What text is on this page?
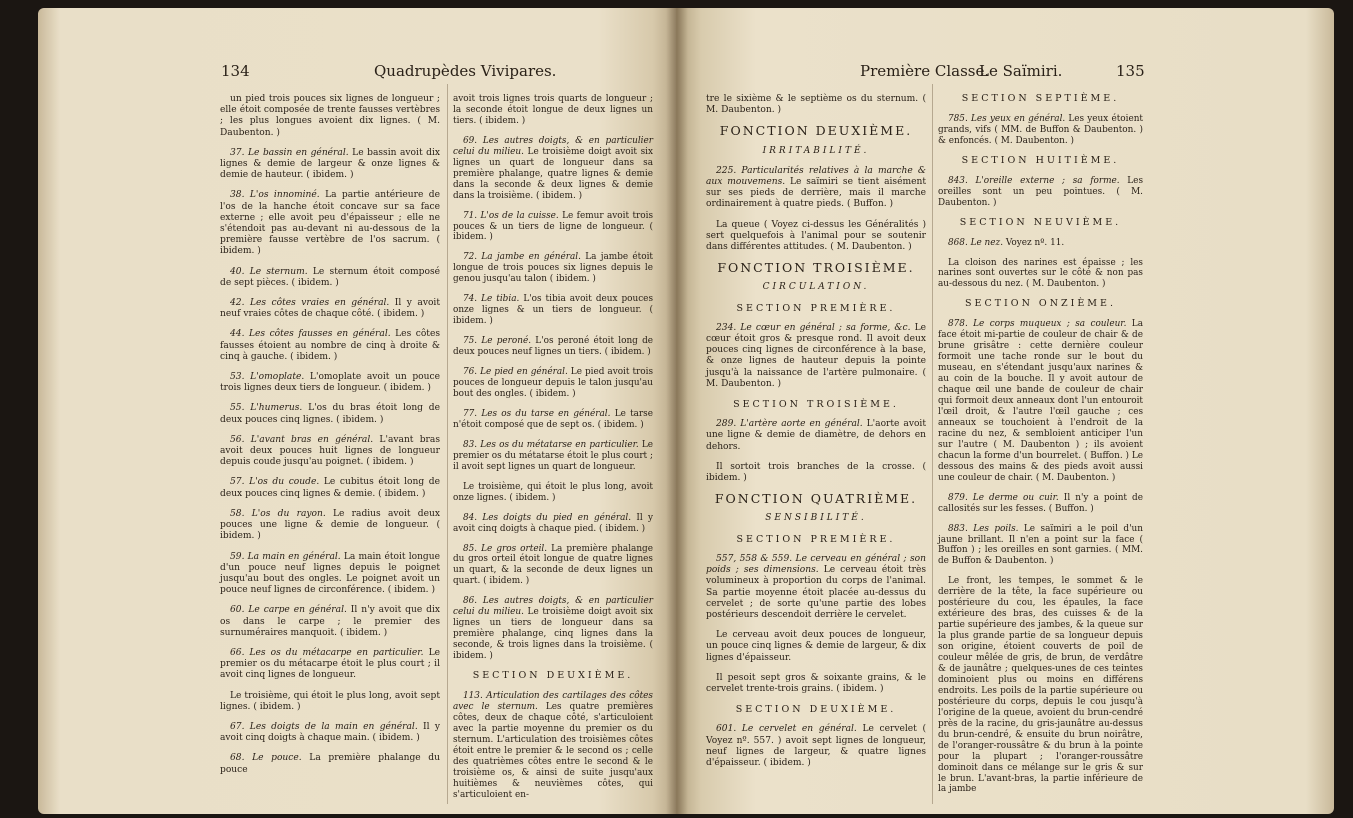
134	Quadrupèdes Vivipares.

un pied trois pouces six lignes de longueur ; elle étoit composée de trente fausses vertèbres ; les plus longues avoient dix lignes. ( M. Daubenton. )

37. Le bassin en général. Le bassin avoit dix lignes & demie de largeur & onze lignes & demie de hauteur. ( ibidem. )

38. L'os innominé. La partie antérieure de l'os de la hanche étoit concave sur sa face externe ; elle avoit peu d'épaisseur ; elle ne s'étendoit pas au-devant ni au-dessous de la première fausse vertèbre de l'os sacrum. ( ibidem. )

40. Le sternum. Le sternum étoit composé de sept pièces. ( ibidem. )

42. Les côtes vraies en général. Il y avoit neuf vraies côtes de chaque côté. ( ibidem. )

44. Les côtes fausses en général. Les côtes fausses étoient au nombre de cinq à droite & cinq à gauche. ( ibidem. )

53. L'omoplate. L'omoplate avoit un pouce trois lignes deux tiers de longueur. ( ibidem. )

55. L'humerus. L'os du bras étoit long de deux pouces cinq lignes. ( ibidem. )

56. L'avant bras en général. L'avant bras avoit deux pouces huit lignes de longueur depuis coude jusqu'au poignet. ( ibidem. )

57. L'os du coude. Le cubitus étoit long de deux pouces cinq lignes & demie. ( ibidem. )

58. L'os du rayon. Le radius avoit deux pouces une ligne & demie de longueur. ( ibidem. )

59. La main en général. La main étoit longue d'un pouce neuf lignes depuis le poignet jusqu'au bout des ongles. Le poignet avoit un pouce neuf lignes de circonférence. ( ibidem. )

60. Le carpe en général. Il n'y avoit que dix os dans le carpe ; le premier des surnuméraires manquoit. ( ibidem. )

66. Les os du métacarpe en particulier. Le premier os du métacarpe étoit le plus court ; il avoit cinq lignes de longueur.

Le troisième, qui étoit le plus long, avoit sept lignes. ( ibidem. )

67. Les doigts de la main en général. Il y avoit cinq doigts à chaque main. ( ibidem. )

68. Le pouce. La première phalange du pouce

avoit trois lignes trois quarts de longueur ; la seconde étoit longue de deux lignes un tiers. ( ibidem. )

69. Les autres doigts, & en particulier celui du milieu. Le troisième doigt avoit six lignes un quart de longueur dans sa première phalange, quatre lignes & demie dans la seconde & deux lignes & demie dans la troisième. ( ibidem. )

71. L'os de la cuisse. Le femur avoit trois pouces & un tiers de ligne de longueur. ( ibidem. )

72. La jambe en général. La jambe étoit longue de trois pouces six lignes depuis le genou jusqu'au talon ( ibidem. )

74. Le tibia. L'os tibia avoit deux pouces onze lignes & un tiers de longueur. ( ibidem. )

75. Le peroné. L'os peroné étoit long de deux pouces neuf lignes un tiers. ( ibidem. )

76. Le pied en général. Le pied avoit trois pouces de longueur depuis le talon jusqu'au bout des ongles. ( ibidem. )

77. Les os du tarse en général. Le tarse n'étoit composé que de sept os. ( ibidem. )

83. Les os du métatarse en particulier. Le premier os du métatarse étoit le plus court ; il avoit sept lignes un quart de longueur.

Le troisième, qui étoit le plus long, avoit onze lignes. ( ibidem. )

84. Les doigts du pied en général. Il y avoit cinq doigts à chaque pied. ( ibidem. )

85. Le gros orteil. La première phalange du gros orteil étoit longue de quatre lignes un quart, & la seconde de deux lignes un quart. ( ibidem. )

86. Les autres doigts, & en particulier celui du milieu. Le troisième doigt avoit six lignes un tiers de longueur dans sa première phalange, cinq lignes dans la seconde, & trois lignes dans la troisième. ( ibidem. )

SECTION DEUXIÈME.

113. Articulation des cartilages des côtes avec le sternum. Les quatre premières côtes, deux de chaque côté, s'articuloient avec la partie moyenne du premier os du sternum. L'articulation des troisièmes côtes étoit entre le premier & le second os ; celle des quatrièmes côtes entre le second & le troisième os, & ainsi de suite jusqu'aux huitièmes & neuvièmes côtes, qui s'articuloient en-

Première Classe.
Le Saïmiri.	135

tre le sixième & le septième os du sternum. ( M. Daubenton. )

FONCTION DEUXIÈME.

IRRITABILITÉ.

225. Particularités relatives à la marche & aux mouvemens. Le saïmiri se tient aisément sur ses pieds de derrière, mais il marche ordinairement à quatre pieds. ( Buffon. )

La queue ( Voyez ci-dessus les Généralités ) sert quelquefois à l'animal pour se soutenir dans différentes attitudes. ( M. Daubenton. )

FONCTION TROISIÈME.

CIRCULATION.

SECTION PREMIÈRE.

234. Le cœur en général ; sa forme, &c. Le cœur étoit gros & presque rond. Il avoit deux pouces cinq lignes de circonférence à la base, & onze lignes de hauteur depuis la pointe jusqu'à la naissance de l'artère pulmonaire. ( M. Daubenton. )

SECTION TROISIÈME.

289. L'artère aorte en général. L'aorte avoit une ligne & demie de diamètre, de dehors en dehors.

Il sortoit trois branches de la crosse. ( ibidem. )

FONCTION QUATRIÈME.

SENSIBILITÉ.

SECTION PREMIÈRE.

557, 558 & 559. Le cerveau en général ; son poids ; ses dimensions. Le cerveau étoit très volumineux à proportion du corps de l'animal. Sa partie moyenne étoit placée au-dessus du cervelet ; de sorte qu'une partie des lobes postérieurs descendoit derrière le cervelet.

Le cerveau avoit deux pouces de longueur, un pouce cinq lignes & demie de largeur, & dix lignes d'épaisseur.

Il pesoit sept gros & soixante grains, & le cervelet trente-trois grains. ( ibidem. )

SECTION DEUXIÈME.

601. Le cervelet en général. Le cervelet ( Voyez nº. 557. ) avoit sept lignes de longueur, neuf lignes de largeur, & quatre lignes d'épaisseur. ( ibidem. )

SECTION SEPTIÈME.

785. Les yeux en général. Les yeux étoient grands, vifs ( MM. de Buffon & Daubenton. ) & enfoncés. ( M. Daubenton. )

SECTION HUITIÈME.

843. L'oreille externe ; sa forme. Les oreilles sont un peu pointues. ( M. Daubenton. )

SECTION NEUVIÈME.

868. Le nez. Voyez nº. 11.

La cloison des narines est épaisse ; les narines sont ouvertes sur le côté & non pas au-dessous du nez. ( M. Daubenton. )

SECTION ONZIÈME.

878. Le corps muqueux ; sa couleur. La face étoit mi-partie de couleur de chair & de brune grisâtre : cette dernière couleur formoit une tache ronde sur le bout du museau, en s'étendant jusqu'aux narines & au coin de la bouche. Il y avoit autour de chaque œil une bande de couleur de chair qui formoit deux anneaux dont l'un entouroit l'œil droit, & l'autre l'œil gauche ; ces anneaux se touchoient à l'endroit de la racine du nez, & sembloient anticiper l'un sur l'autre ( M. Daubenton ) ; ils avoient chacun la forme d'un bourrelet. ( Buffon. ) Le dessous des mains & des pieds avoit aussi une couleur de chair. ( M. Daubenton. )

879. Le derme ou cuir. Il n'y a point de callosités sur les fesses. ( Buffon. )

883. Les poils. Le saïmiri a le poil d'un jaune brillant. Il n'en a point sur la face ( Buffon ) ; les oreilles en sont garnies. ( MM. de Buffon & Daubenton. )

Le front, les tempes, le sommet & le derrière de la tête, la face supérieure ou postérieure du cou, les épaules, la face extérieure des bras, des cuisses & de la partie supérieure des jambes, & la queue sur la plus grande partie de sa longueur depuis son origine, étoient couverts de poil de couleur mêlée de gris, de brun, de verdâtre & de jaunâtre ; quelques-unes de ces teintes dominoient plus ou moins en différens endroits. Les poils de la partie supérieure ou postérieure du corps, depuis le cou jusqu'à l'origine de la queue, avoient du brun-cendré près de la racine, du gris-jaunâtre au-dessus du brun-cendré, & ensuite du brun noirâtre, de l'oranger-roussâtre & du brun à la pointe pour la plupart ; l'oranger-roussâtre dominoit dans ce mélange sur le gris & sur le brun. L'avant-bras, la partie inférieure de la jambe
